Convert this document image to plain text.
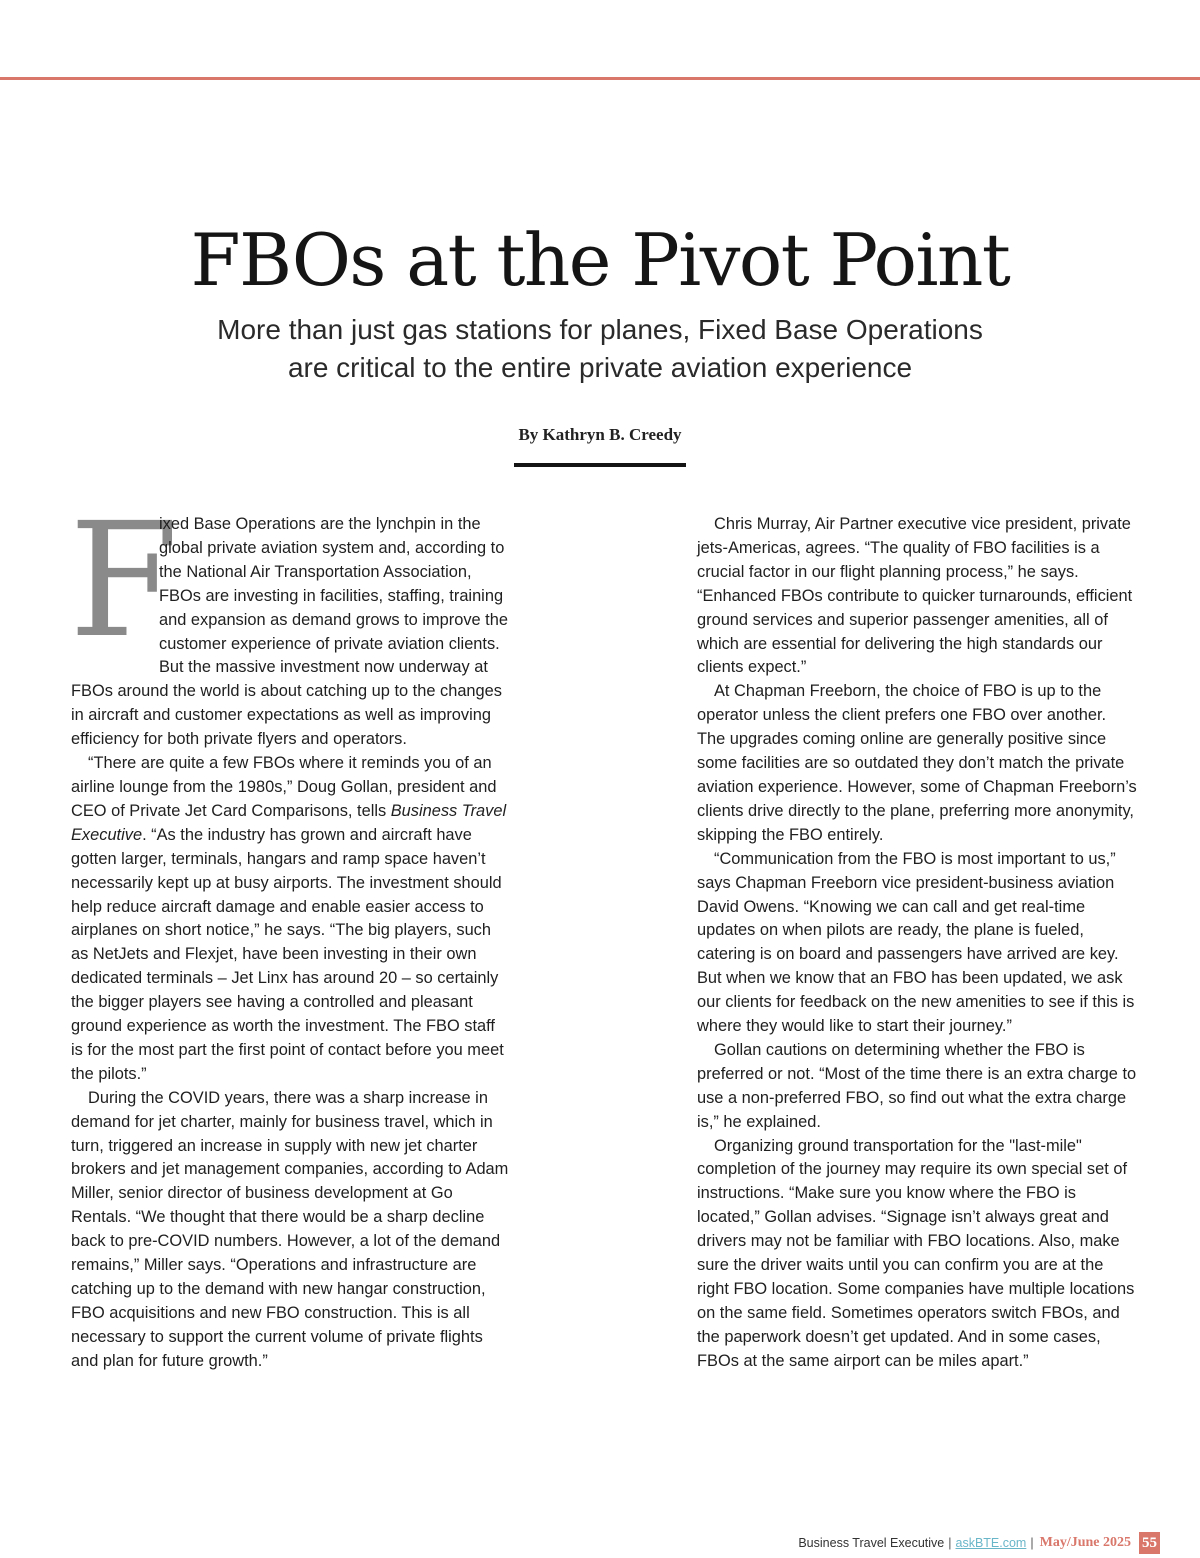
FBOs at the Pivot Point
More than just gas stations for planes, Fixed Base Operations
are critical to the entire private aviation experience
By Kathryn B. Creedy

F
ixed Base Operations are the lynchpin in the global private aviation system and, according to the National Air Transportation Association, FBOs are investing in facilities, staffing, training and expansion as demand grows to improve the customer experience of private aviation clients. But the massive investment now underway at FBOs around the world is about catching up to the changes in aircraft and customer expectations as well as improving efficiency for both private flyers and operators.

“There are quite a few FBOs where it reminds you of an airline lounge from the 1980s,” Doug Gollan, president and CEO of Private Jet Card Comparisons, tells Business Travel Executive. “As the industry has grown and aircraft have gotten larger, terminals, hangars and ramp space haven’t necessarily kept up at busy airports. The investment should help reduce aircraft damage and enable easier access to airplanes on short notice,” he says. “The big players, such as NetJets and Flexjet, have been investing in their own dedicated terminals – Jet Linx has around 20 – so certainly the bigger players see having a controlled and pleasant ground experience as worth the investment. The FBO staff is for the most part the first point of contact before you meet the pilots.”

During the COVID years, there was a sharp increase in demand for jet charter, mainly for business travel, which in turn, triggered an increase in supply with new jet charter brokers and jet management companies, according to Adam Miller, senior director of business development at Go Rentals. “We thought that there would be a sharp decline back to pre-COVID numbers. However, a lot of the demand remains,” Miller says. “Operations and infrastructure are catching up to the demand with new hangar construction, FBO acquisitions and new FBO construction. This is all necessary to support the current volume of private flights and plan for future growth.”

Chris Murray, Air Partner executive vice president, private jets-Americas, agrees. “The quality of FBO facilities is a crucial factor in our flight planning process,” he says. “Enhanced FBOs contribute to quicker turnarounds, efficient ground services and superior passenger amenities, all of which are essential for delivering the high standards our clients expect.”

At Chapman Freeborn, the choice of FBO is up to the operator unless the client prefers one FBO over another. The upgrades coming online are generally positive since some facilities are so outdated they don’t match the private aviation experience. However, some of Chapman Freeborn’s clients drive directly to the plane, preferring more anonymity, skipping the FBO entirely.

“Communication from the FBO is most important to us,” says Chapman Freeborn vice president-business aviation David Owens. “Knowing we can call and get real-time updates on when pilots are ready, the plane is fueled, catering is on board and passengers have arrived are key. But when we know that an FBO has been updated, we ask our clients for feedback on the new amenities to see if this is where they would like to start their journey.”

Gollan cautions on determining whether the FBO is preferred or not. “Most of the time there is an extra charge to use a non-preferred FBO, so find out what the extra charge is,” he explained.

Organizing ground transportation for the "last-mile" completion of the journey may require its own special set of instructions. “Make sure you know where the FBO is located,” Gollan advises. “Signage isn’t always great and drivers may not be familiar with FBO locations. Also, make sure the driver waits until you can confirm you are at the right FBO location. Some companies have multiple locations on the same field. Sometimes operators switch FBOs, and the paperwork doesn’t get updated. And in some cases, FBOs at the same airport can be miles apart.”

Business Travel Executive | askBTE.com | May/June 2025 55
